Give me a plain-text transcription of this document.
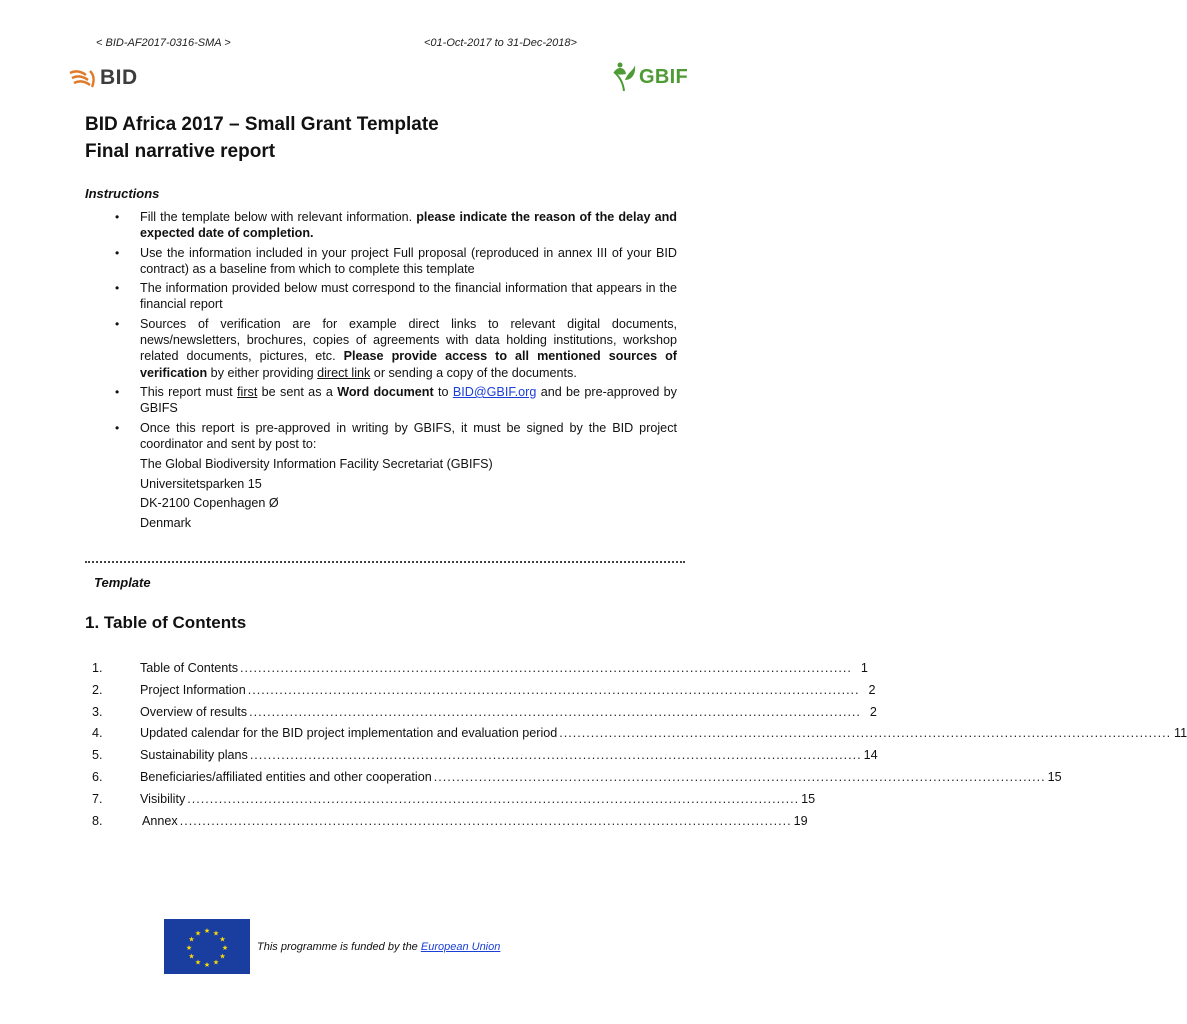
< BID-AF2017-0316-SMA >	<01-Oct-2017 to 31-Dec-2018>
BID	GBIF
BID Africa 2017 – Small Grant Template
Final narrative report
Instructions
• Fill the template below with relevant information. please indicate the reason of the delay and expected date of completion.
• Use the information included in your project Full proposal (reproduced in annex III of your BID contract) as a baseline from which to complete this template
• The information provided below must correspond to the financial information that appears in the financial report
• Sources of verification are for example direct links to relevant digital documents, news/newsletters, brochures, copies of agreements with data holding institutions, workshop related documents, pictures, etc. Please provide access to all mentioned sources of verification by either providing direct link or sending a copy of the documents.
• This report must first be sent as a Word document to BID@GBIF.org and be pre-approved by GBIFS
• Once this report is pre-approved in writing by GBIFS, it must be signed by the BID project coordinator and sent by post to:
The Global Biodiversity Information Facility Secretariat (GBIFS)
Universitetsparken 15
DK-2100 Copenhagen Ø
Denmark
Template
1. Table of Contents
1.	Table of Contents ........................................................................................................................................ 1
2.	Project Information ........................................................................................................................................ 2
3.	Overview of results ........................................................................................................................................ 2
4.	Updated calendar for the BID project implementation and evaluation period ........................................................................................................................................ 11
5.	Sustainability plans ........................................................................................................................................ 14
6.	Beneficiaries/affiliated entities and other cooperation ........................................................................................................................................ 15
7.	Visibility ........................................................................................................................................ 15
8.	Annex ........................................................................................................................................ 19
★ ★
★
★
★
★
★
★
★
★
★
★
This programme is funded by the European Union
